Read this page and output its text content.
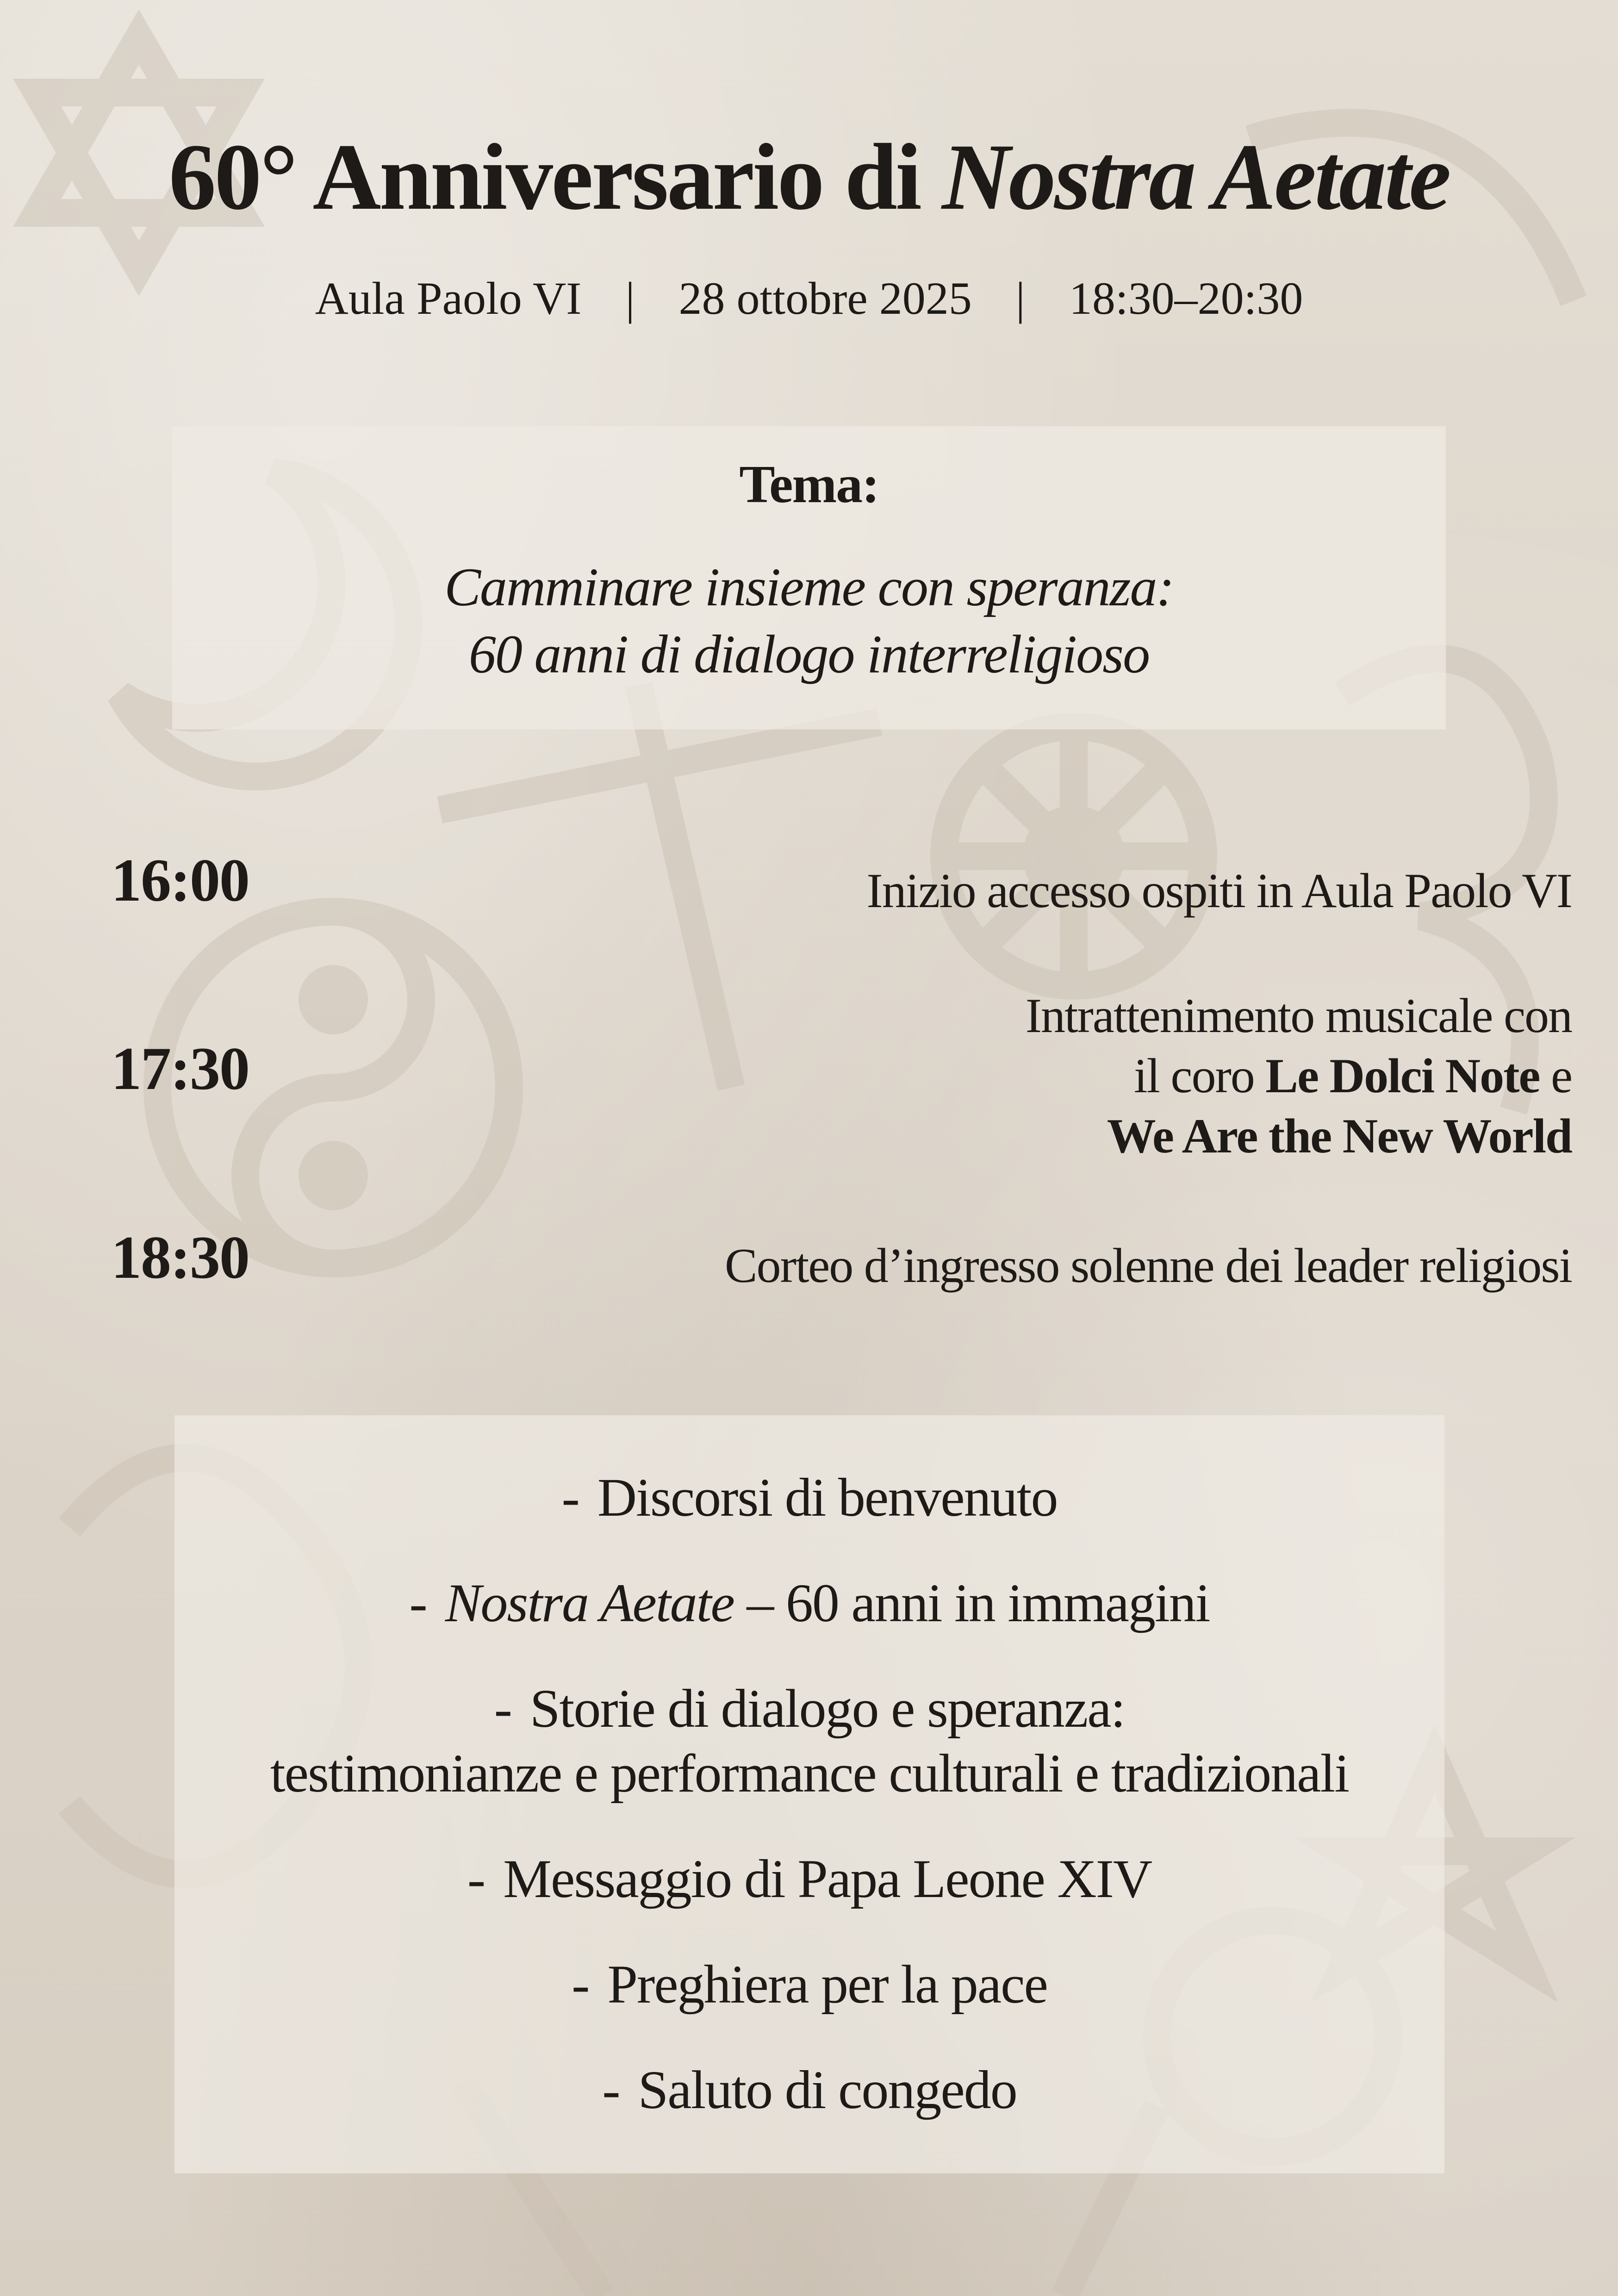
60° Anniversario di Nostra Aetate
Aula Paolo VI | 28 ottobre 2025 | 18:30–20:30
Tema:
Camminare insieme con speranza:
60 anni di dialogo interreligioso
16:00	Inizio accesso ospiti in Aula Paolo VI
17:30
Intrattenimento musicale con
il coro Le Dolci Note e
We Are the New World
18:30	Corteo d’ingresso solenne dei leader religiosi
- Discorsi di benvenuto
- Nostra Aetate – 60 anni in immagini
- Storie di dialogo e speranza:
testimonianze e performance culturali e tradizionali
- Messaggio di Papa Leone XIV
- Preghiera per la pace
- Saluto di congedo
